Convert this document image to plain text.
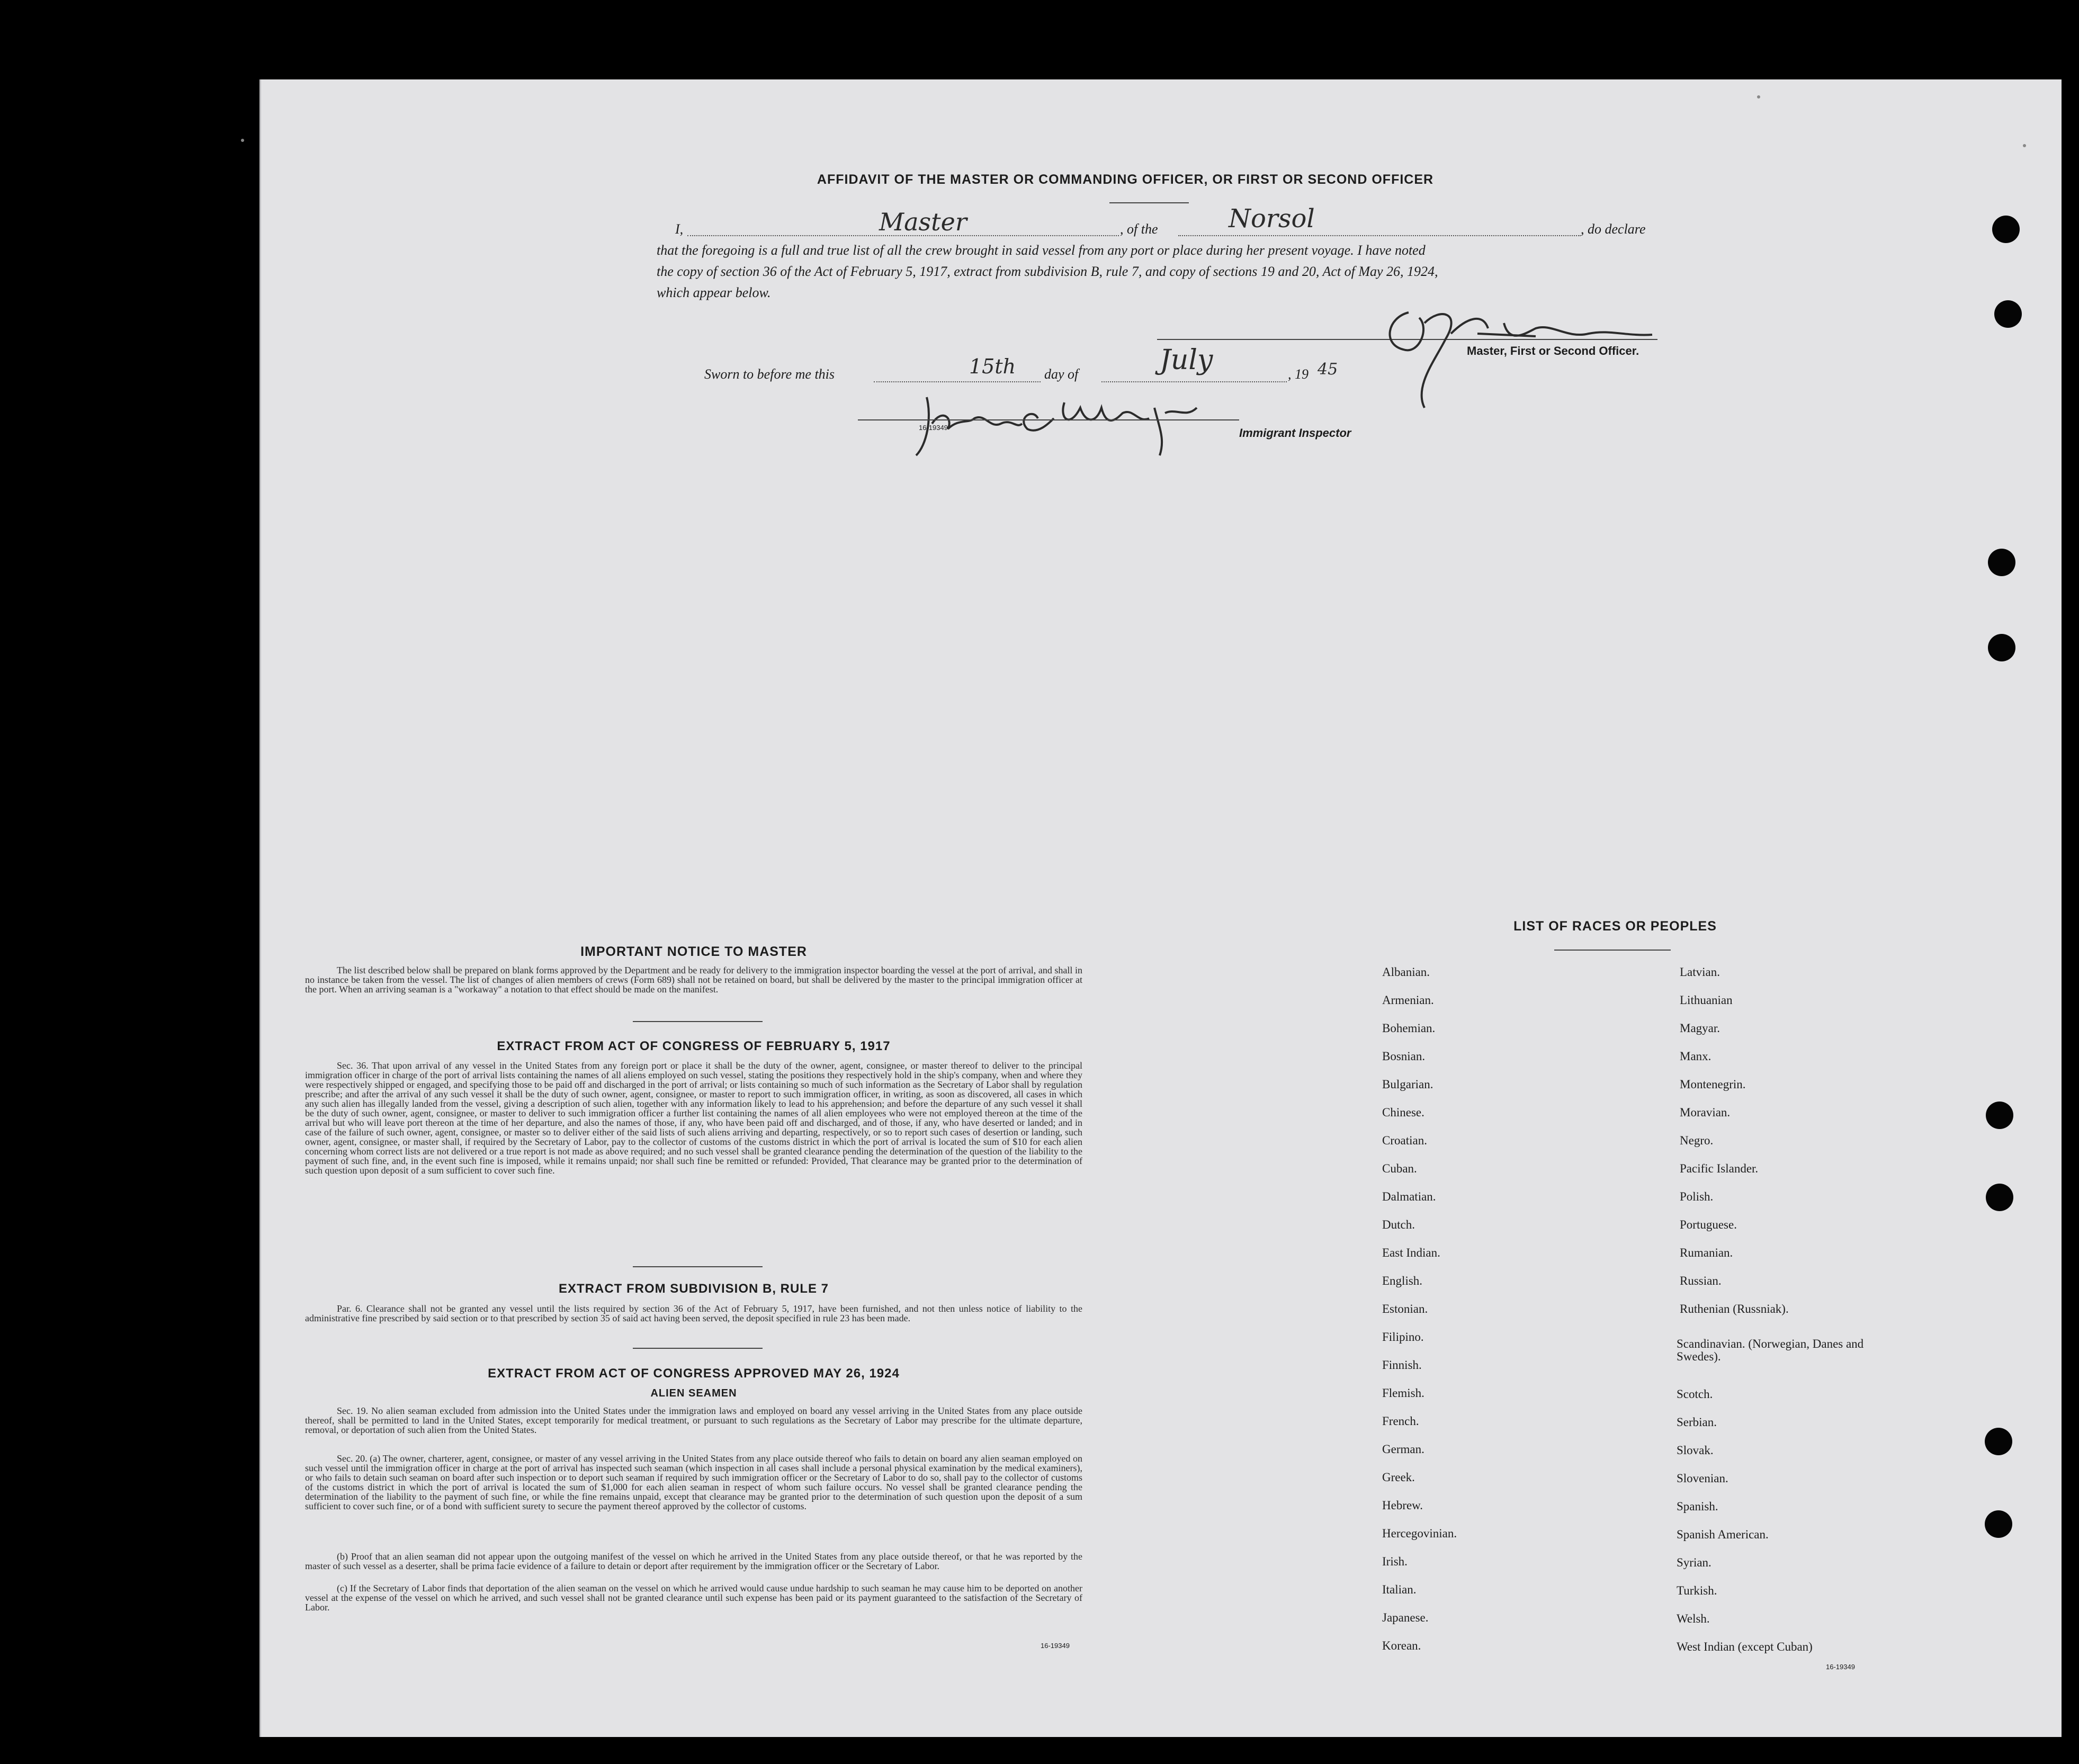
AFFIDAVIT OF THE MASTER OR COMMANDING OFFICER, OR FIRST OR SECOND OFFICER
I,	Master	, of the	Norsol	, do declare
that the foregoing is a full and true list of all the crew brought in said vessel from any port or place during her present voyage. I have noted
the copy of section 36 of the Act of February 5, 1917, extract from subdivision B, rule 7, and copy of sections 19 and 20, Act of May 26, 1924,
which appear below.
Master, First or Second Officer.
Sworn to before me this	15th day of	July	, 19 45
16-19349	Immigrant Inspector
IMPORTANT NOTICE TO MASTER
The list described below shall be prepared on blank forms approved by the Department and be ready for delivery to the immigration inspector boarding the vessel at the port of arrival, and shall in no instance be taken from the vessel. The list of changes of alien members of crews (Form 689) shall not be retained on board, but shall be delivered by the master to the principal immigration officer at the port. When an arriving seaman is a "workaway" a notation to that effect should be made on the manifest.
EXTRACT FROM ACT OF CONGRESS OF FEBRUARY 5, 1917
Sec. 36. That upon arrival of any vessel in the United States from any foreign port or place it shall be the duty of the owner, agent, consignee, or master thereof to deliver to the principal immigration officer in charge of the port of arrival lists containing the names of all aliens employed on such vessel, stating the positions they respectively hold in the ship's company, when and where they were respectively shipped or engaged, and specifying those to be paid off and discharged in the port of arrival; or lists containing so much of such information as the Secretary of Labor shall by regulation prescribe; and after the arrival of any such vessel it shall be the duty of such owner, agent, consignee, or master to report to such immigration officer, in writing, as soon as discovered, all cases in which any such alien has illegally landed from the vessel, giving a description of such alien, together with any information likely to lead to his apprehension; and before the departure of any such vessel it shall be the duty of such owner, agent, consignee, or master to deliver to such immigration officer a further list containing the names of all alien employees who were not employed thereon at the time of the arrival but who will leave port thereon at the time of her departure, and also the names of those, if any, who have been paid off and discharged, and of those, if any, who have deserted or landed; and in case of the failure of such owner, agent, consignee, or master so to deliver either of the said lists of such aliens arriving and departing, respectively, or so to report such cases of desertion or landing, such owner, agent, consignee, or master shall, if required by the Secretary of Labor, pay to the collector of customs of the customs district in which the port of arrival is located the sum of $10 for each alien concerning whom correct lists are not delivered or a true report is not made as above required; and no such vessel shall be granted clearance pending the determination of the question of the liability to the payment of such fine, and, in the event such fine is imposed, while it remains unpaid; nor shall such fine be remitted or refunded: Provided, That clearance may be granted prior to the determination of such question upon deposit of a sum sufficient to cover such fine.
EXTRACT FROM SUBDIVISION B, RULE 7
Par. 6. Clearance shall not be granted any vessel until the lists required by section 36 of the Act of February 5, 1917, have been furnished, and not then unless notice of liability to the administrative fine prescribed by said section or to that prescribed by section 35 of said act having been served, the deposit specified in rule 23 has been made.
EXTRACT FROM ACT OF CONGRESS APPROVED MAY 26, 1924
ALIEN SEAMEN
Sec. 19. No alien seaman excluded from admission into the United States under the immigration laws and employed on board any vessel arriving in the United States from any place outside thereof, shall be permitted to land in the United States, except temporarily for medical treatment, or pursuant to such regulations as the Secretary of Labor may prescribe for the ultimate departure, removal, or deportation of such alien from the United States.
Sec. 20. (a) The owner, charterer, agent, consignee, or master of any vessel arriving in the United States from any place outside thereof who fails to detain on board any alien seaman employed on such vessel until the immigration officer in charge at the port of arrival has inspected such seaman (which inspection in all cases shall include a personal physical examination by the medical examiners), or who fails to detain such seaman on board after such inspection or to deport such seaman if required by such immigration officer or the Secretary of Labor to do so, shall pay to the collector of customs of the customs district in which the port of arrival is located the sum of $1,000 for each alien seaman in respect of whom such failure occurs. No vessel shall be granted clearance pending the determination of the liability to the payment of such fine, or while the fine remains unpaid, except that clearance may be granted prior to the determination of such question upon the deposit of a sum sufficient to cover such fine, or of a bond with sufficient surety to secure the payment thereof approved by the collector of customs.
(b) Proof that an alien seaman did not appear upon the outgoing manifest of the vessel on which he arrived in the United States from any place outside thereof, or that he was reported by the master of such vessel as a deserter, shall be prima facie evidence of a failure to detain or deport after requirement by the immigration officer or the Secretary of Labor.
(c) If the Secretary of Labor finds that deportation of the alien seaman on the vessel on which he arrived would cause undue hardship to such seaman he may cause him to be deported on another vessel at the expense of the vessel on which he arrived, and such vessel shall not be granted clearance until such expense has been paid or its payment guaranteed to the satisfaction of the Secretary of Labor.
16-19349
LIST OF RACES OR PEOPLES
Albanian.
Armenian.
Bohemian.
Bosnian.
Bulgarian.
Chinese.
Croatian.
Cuban.
Dalmatian.
Dutch.
East Indian.
English.
Estonian.
Filipino.
Finnish.
Flemish.
French.
German.
Greek.
Hebrew.
Hercegovinian.
Irish.
Italian.
Japanese.
Korean.
Latvian.
Lithuanian
Magyar.
Manx.
Montenegrin.
Moravian.
Negro.
Pacific Islander.
Polish.
Portuguese.
Rumanian.
Russian.
Ruthenian (Russniak).
Scandinavian. (Norwegian, Danes and Swedes).
Scotch.
Serbian.
Slovak.
Slovenian.
Spanish.
Spanish American.
Syrian.
Turkish.
Welsh.
West Indian (except Cuban)
16-19349
